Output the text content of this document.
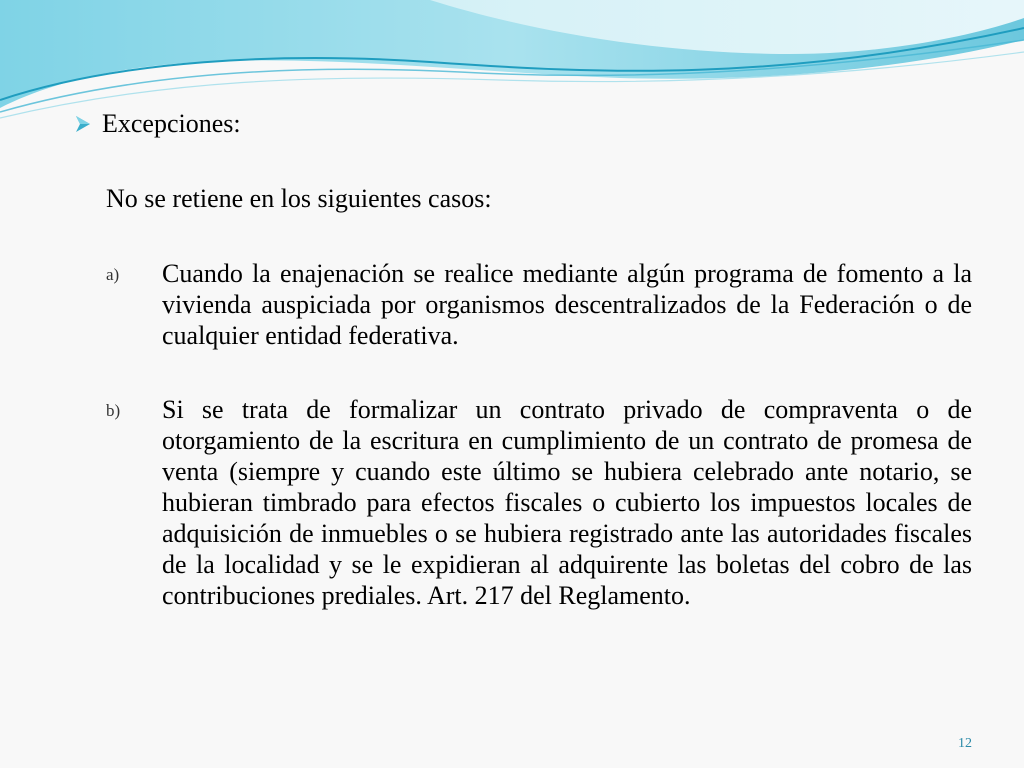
Excepciones:
No se retiene en los siguientes casos:
a)	Cuando la enajenación se realice mediante algún programa de fomento a la vivienda auspiciada por organismos descentralizados de la Federación o de cualquier entidad federativa.
b)	Si se trata de formalizar un contrato privado de compraventa o de otorgamiento de la escritura en cumplimiento de un contrato de promesa de venta (siempre y cuando este último se hubiera celebrado ante notario, se hubieran timbrado para efectos fiscales o cubierto los impuestos locales de adquisición de inmuebles o se hubiera registrado ante las autoridades fiscales de la localidad y se le expidieran al adquirente las boletas del cobro de las contribuciones prediales. Art. 217 del Reglamento.
12
